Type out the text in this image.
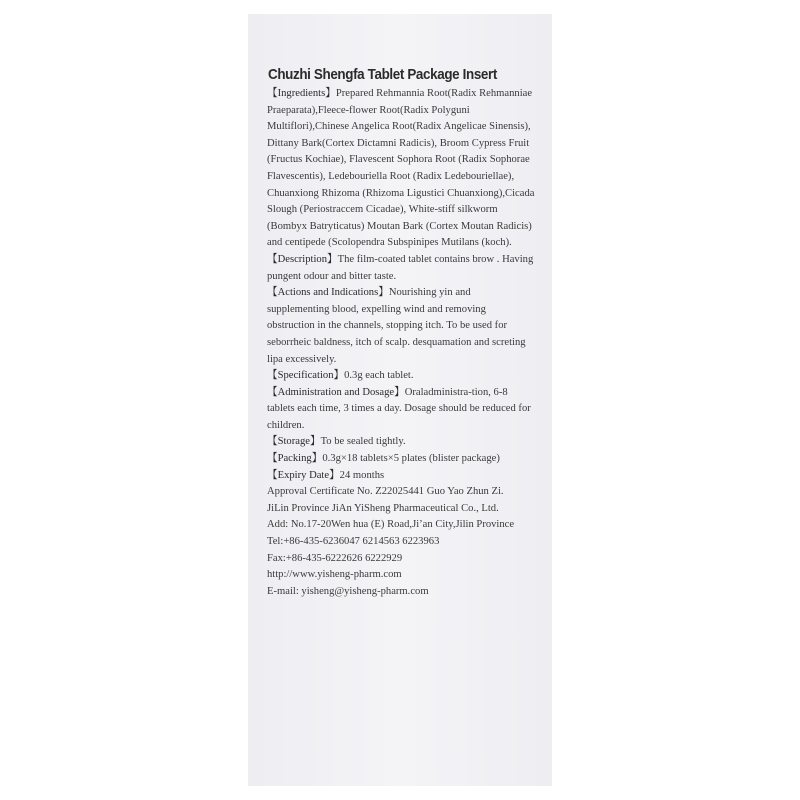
Chuzhi Shengfa Tablet Package Insert
【Ingredients】Prepared Rehmannia Root(Radix Rehmanniae Praeparata),Fleece-flower Root(Radix Polyguni Multiflori),Chinese Angelica Root(Radix Angelicae Sinensis), Dittany Bark(Cortex Dictamni Radicis), Broom Cypress Fruit (Fructus Kochiae), Flavescent Sophora Root (Radix Sophorae Flavescentis), Ledebouriella Root (Radix Ledebouriellae), Chuanxiong Rhizoma (Rhizoma Ligustici Chuanxiong),Cicada Slough (Periostraccem Cicadae), White-stiff silkworm (Bombyx Batryticatus) Moutan Bark (Cortex Moutan Radicis) and centipede (Scolopendra Subspinipes Mutilans (koch).
【Description】The film-coated tablet contains brow . Having pungent odour and bitter taste.
【Actions and Indications】Nourishing yin and supplementing blood, expelling wind and removing obstruction in the channels, stopping itch. To be used for seborrheic baldness, itch of scalp. desquamation and screting lipa excessively.
【Specification】0.3g each tablet.
【Administration and Dosage】Oraladministra-tion, 6-8 tablets each time, 3 times a day. Dosage should be reduced for children.
【Storage】To be sealed tightly.
【Packing】0.3g×18 tablets×5 plates (blister package)
【Expiry Date】24 months
Approval Certificate No. Z22025441 Guo Yao Zhun Zi.
JiLin Province JiAn YiSheng Pharmaceutical Co., Ltd.
Add: No.17-20Wen hua (E) Road,Ji’an City,Jilin Province
Tel:+86-435-6236047 6214563 6223963
Fax:+86-435-6222626 6222929
http://www.yisheng-pharm.com
E-mail: yisheng@yisheng-pharm.com
